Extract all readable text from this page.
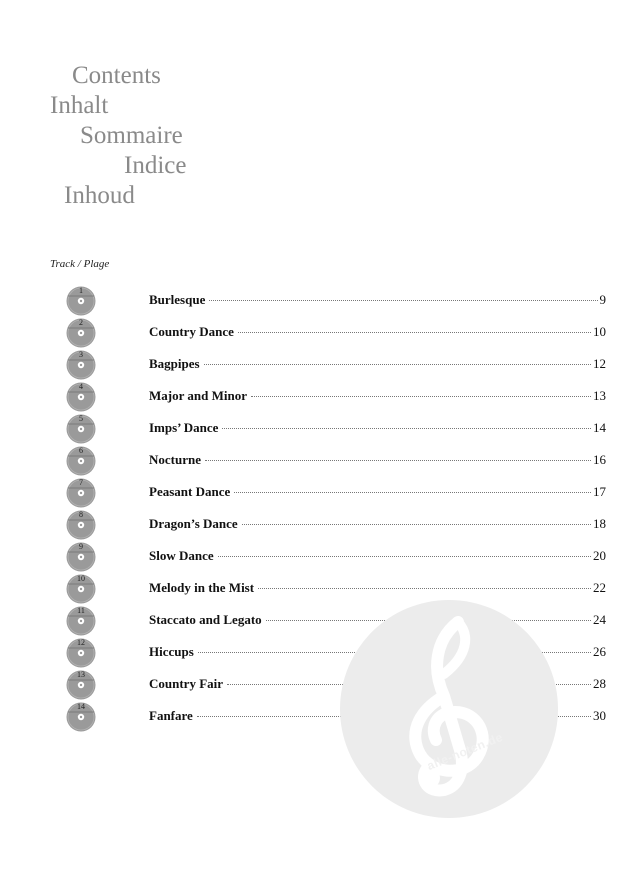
Contents
Inhalt
Sommaire
Indice
Inhoud
Track / Plage
1
Burlesque	9
2
Country Dance	10
3
Bagpipes	12
4
Major and Minor	13
5
Imps’ Dance	14
6
Nocturne	16
7
Peasant Dance	17
8
Dragon’s Dance	18
9
Slow Dance	20
10
Melody in the Mist	22
11
Staccato and Legato	24
12
Hiccups	26
13
Country Fair	28
14
Fanfare	30
alle-noten.de
